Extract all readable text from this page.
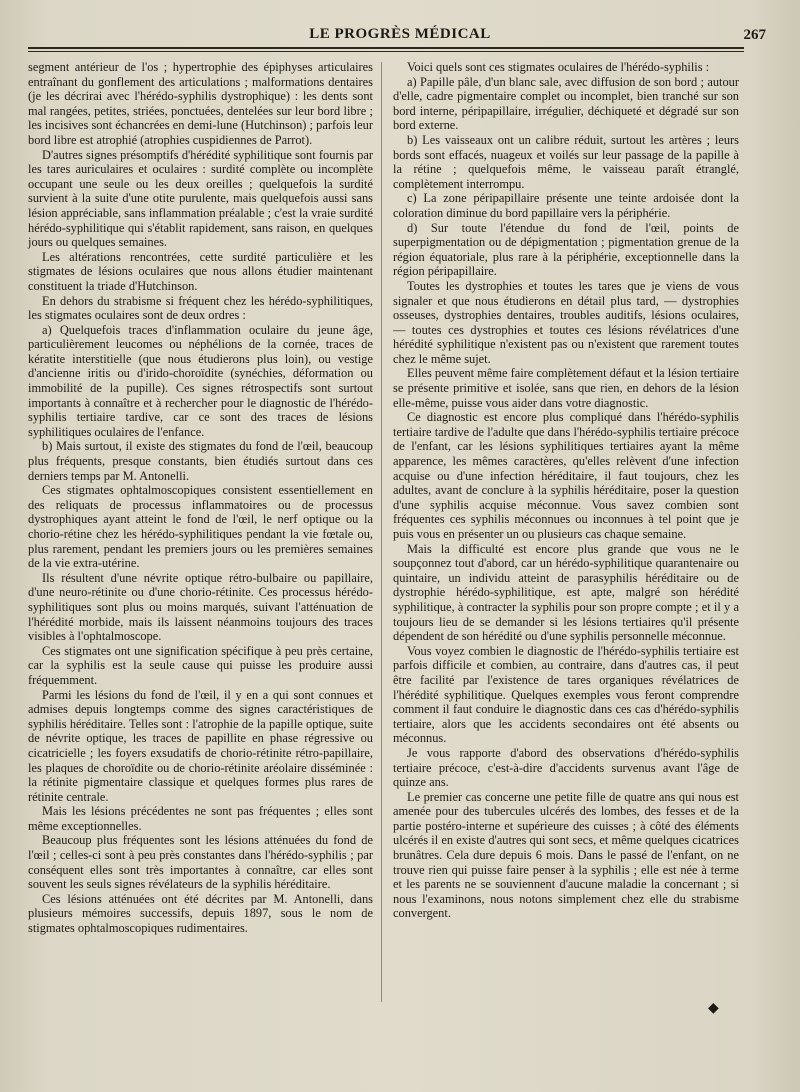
LE PROGRÈS MÉDICAL	267

segment antérieur de l'os ; hypertrophie des épiphyses articulaires entraînant du gonflement des articulations ; malformations dentaires (je les décrirai avec l'hérédo-syphilis dystrophique) : les dents sont mal rangées, petites, striées, ponctuées, dentelées sur leur bord libre ; les incisives sont échancrées en demi-lune (Hutchinson) ; parfois leur bord libre est atrophié (atrophies cuspidiennes de Parrot).

D'autres signes présomptifs d'hérédité syphilitique sont fournis par les tares auriculaires et oculaires : surdité complète ou incomplète occupant une seule ou les deux oreilles ; quelquefois la surdité survient à la suite d'une otite purulente, mais quelquefois aussi sans lésion appréciable, sans inflammation préalable ; c'est la vraie surdité hérédo-syphilitique qui s'établit rapidement, sans raison, en quelques jours ou quelques semaines.

Les altérations rencontrées, cette surdité particulière et les stigmates de lésions oculaires que nous allons étudier maintenant constituent la triade d'Hutchinson.

En dehors du strabisme si fréquent chez les hérédo-syphilitiques, les stigmates oculaires sont de deux ordres :

a) Quelquefois traces d'inflammation oculaire du jeune âge, particulièrement leucomes ou néphélions de la cornée, traces de kératite interstitielle (que nous étudierons plus loin), ou vestige d'ancienne iritis ou d'irido-choroïdite (synéchies, déformation ou immobilité de la pupille). Ces signes rétrospectifs sont surtout importants à connaître et à rechercher pour le diagnostic de l'hérédo-syphilis tertiaire tardive, car ce sont des traces de lésions syphilitiques oculaires de l'enfance.

b) Mais surtout, il existe des stigmates du fond de l'œil, beaucoup plus fréquents, presque constants, bien étudiés surtout dans ces derniers temps par M. Antonelli.

Ces stigmates ophtalmoscopiques consistent essentiellement en des reliquats de processus inflammatoires ou de processus dystrophiques ayant atteint le fond de l'œil, le nerf optique ou la chorio-rétine chez les hérédo-syphilitiques pendant la vie fœtale ou, plus rarement, pendant les premiers jours ou les premières semaines de la vie extra-utérine.

Ils résultent d'une névrite optique rétro-bulbaire ou papillaire, d'une neuro-rétinite ou d'une chorio-rétinite. Ces processus hérédo-syphilitiques sont plus ou moins marqués, suivant l'atténuation de l'hérédité morbide, mais ils laissent néanmoins toujours des traces visibles à l'ophtalmoscope.

Ces stigmates ont une signification spécifique à peu près certaine, car la syphilis est la seule cause qui puisse les produire aussi fréquemment.

Parmi les lésions du fond de l'œil, il y en a qui sont connues et admises depuis longtemps comme des signes caractéristiques de syphilis héréditaire. Telles sont : l'atrophie de la papille optique, suite de névrite optique, les traces de papillite en phase régressive ou cicatricielle ; les foyers exsudatifs de chorio-rétinite rétro-papillaire, les plaques de choroïdite ou de chorio-rétinite aréolaire disséminée : la rétinite pigmentaire classique et quelques formes plus rares de rétinite centrale.

Mais les lésions précédentes ne sont pas fréquentes ; elles sont même exceptionnelles.

Beaucoup plus fréquentes sont les lésions atténuées du fond de l'œil ; celles-ci sont à peu près constantes dans l'hérédo-syphilis ; par conséquent elles sont très importantes à connaître, car elles sont souvent les seuls signes révélateurs de la syphilis héréditaire.

Ces lésions atténuées ont été décrites par M. Antonelli, dans plusieurs mémoires successifs, depuis 1897, sous le nom de stigmates ophtalmoscopiques rudimentaires.

Voici quels sont ces stigmates oculaires de l'hérédo-syphilis :

a) Papille pâle, d'un blanc sale, avec diffusion de son bord ; autour d'elle, cadre pigmentaire complet ou incomplet, bien tranché sur son bord interne, péripapillaire, irrégulier, déchiqueté et dégradé sur son bord externe.

b) Les vaisseaux ont un calibre réduit, surtout les artères ; leurs bords sont effacés, nuageux et voilés sur leur passage de la papille à la rétine ; quelquefois même, le vaisseau paraît étranglé, complètement interrompu.

c) La zone péripapillaire présente une teinte ardoisée dont la coloration diminue du bord papillaire vers la périphérie.

d) Sur toute l'étendue du fond de l'œil, points de superpigmentation ou de dépigmentation ; pigmentation grenue de la région équatoriale, plus rare à la périphérie, exceptionnelle dans la région péripapillaire.

Toutes les dystrophies et toutes les tares que je viens de vous signaler et que nous étudierons en détail plus tard, — dystrophies osseuses, dystrophies dentaires, troubles auditifs, lésions oculaires, — toutes ces dystrophies et toutes ces lésions révélatrices d'une hérédité syphilitique n'existent pas ou n'existent que rarement toutes chez le même sujet.

Elles peuvent même faire complètement défaut et la lésion tertiaire se présente primitive et isolée, sans que rien, en dehors de la lésion elle-même, puisse vous aider dans votre diagnostic.

Ce diagnostic est encore plus compliqué dans l'hérédo-syphilis tertiaire tardive de l'adulte que dans l'hérédo-syphilis tertiaire précoce de l'enfant, car les lésions syphilitiques tertiaires ayant la même apparence, les mêmes caractères, qu'elles relèvent d'une infection acquise ou d'une infection héréditaire, il faut toujours, chez les adultes, avant de conclure à la syphilis héréditaire, poser la question d'une syphilis acquise méconnue. Vous savez combien sont fréquentes ces syphilis méconnues ou inconnues à tel point que je puis vous en présenter un ou plusieurs cas chaque semaine.

Mais la difficulté est encore plus grande que vous ne le soupçonnez tout d'abord, car un hérédo-syphilitique quarantenaire ou quintaire, un individu atteint de parasyphilis héréditaire ou de dystrophie hérédo-syphilitique, est apte, malgré son hérédité syphilitique, à contracter la syphilis pour son propre compte ; et il y a toujours lieu de se demander si les lésions tertiaires qu'il présente dépendent de son hérédité ou d'une syphilis personnelle méconnue.

Vous voyez combien le diagnostic de l'hérédo-syphilis tertiaire est parfois difficile et combien, au contraire, dans d'autres cas, il peut être facilité par l'existence de tares organiques révélatrices de l'hérédité syphilitique. Quelques exemples vous feront comprendre comment il faut conduire le diagnostic dans ces cas d'hérédo-syphilis tertiaire, alors que les accidents secondaires ont été absents ou méconnus.

Je vous rapporte d'abord des observations d'hérédo-syphilis tertiaire précoce, c'est-à-dire d'accidents survenus avant l'âge de quinze ans.

Le premier cas concerne une petite fille de quatre ans qui nous est amenée pour des tubercules ulcérés des lombes, des fesses et de la partie postéro-interne et supérieure des cuisses ; à côté des éléments ulcérés il en existe d'autres qui sont secs, et même quelques cicatrices brunâtres. Cela dure depuis 6 mois. Dans le passé de l'enfant, on ne trouve rien qui puisse faire penser à la syphilis ; elle est née à terme et les parents ne se souviennent d'aucune maladie la concernant ; si nous l'examinons, nous notons simplement chez elle du strabisme convergent.

◆
